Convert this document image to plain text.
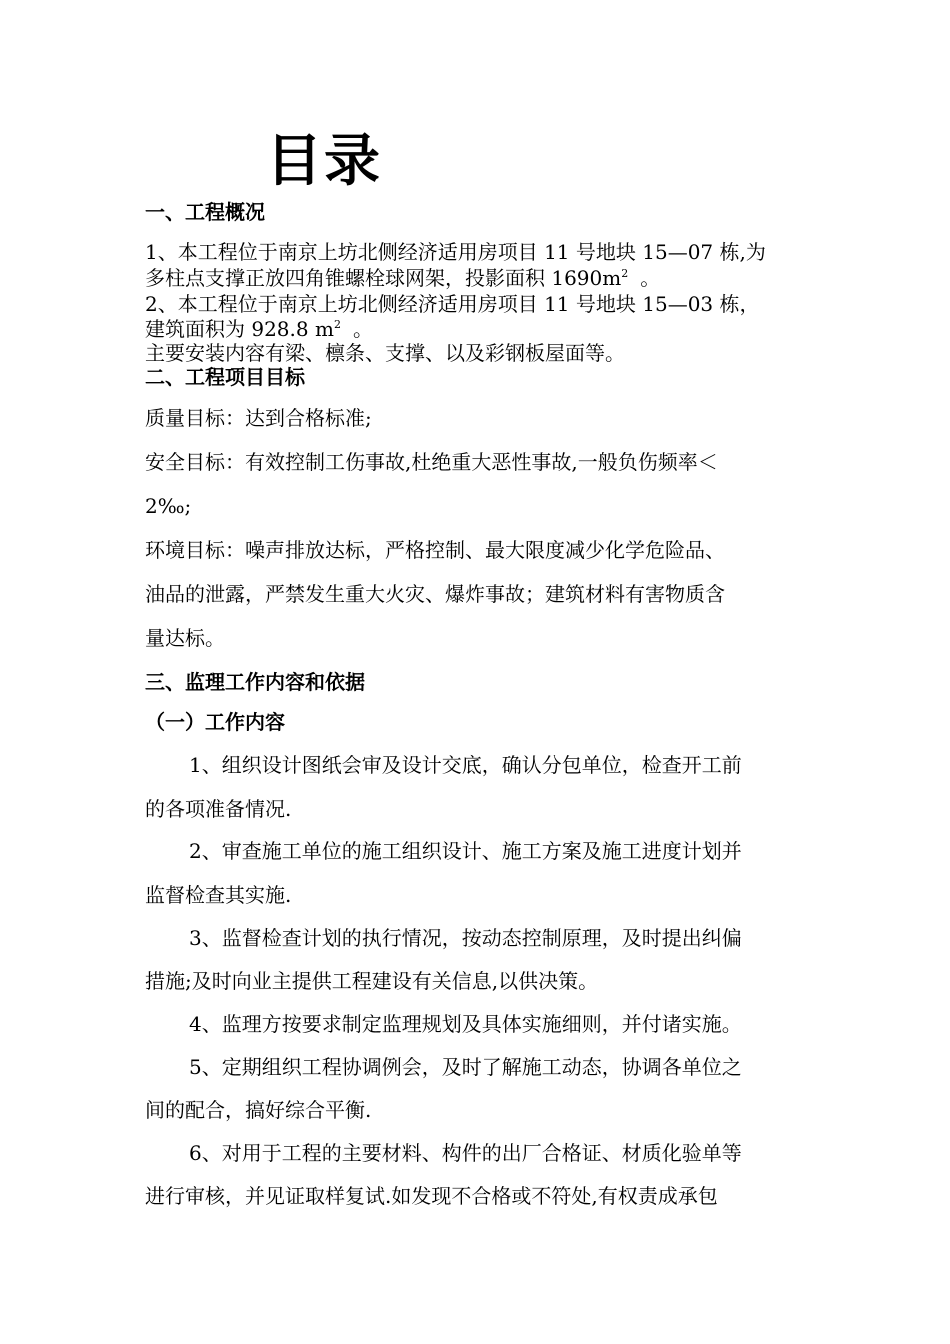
目录
一、工程概况
1、本工程位于南京上坊北侧经济适用房项目 11 号地块 15—07 栋,为
多柱点支撑正放四角锥螺栓球网架，投影面积 $1690m^2$ 。
2、本工程位于南京上坊北侧经济适用房项目 11 号地块 15—03 栋，
建筑面积为 928.8 $m^2$ 。
主要安装内容有梁、檩条、支撑、以及彩钢板屋面等。
二、工程项目目标
质量目标：达到合格标准;
安全目标：有效控制工伤事故,杜绝重大恶性事故,一般负伤频率＜
2‰;
环境目标：噪声排放达标，严格控制、最大限度减少化学危险品、
油品的泄露，严禁发生重大火灾、爆炸事故；建筑材料有害物质含
量达标。
三、监理工作内容和依据
（一）工作内容
1、组织设计图纸会审及设计交底，确认分包单位，检查开工前
的各项准备情况.
2、审查施工单位的施工组织设计、施工方案及施工进度计划并
监督检查其实施.
3、监督检查计划的执行情况，按动态控制原理，及时提出纠偏
措施;及时向业主提供工程建设有关信息,以供决策。
4、监理方按要求制定监理规划及具体实施细则，并付诸实施。
5、定期组织工程协调例会，及时了解施工动态，协调各单位之
间的配合，搞好综合平衡.
6、对用于工程的主要材料、构件的出厂合格证、材质化验单等
进行审核，并见证取样复试.如发现不合格或不符处,有权责成承包
